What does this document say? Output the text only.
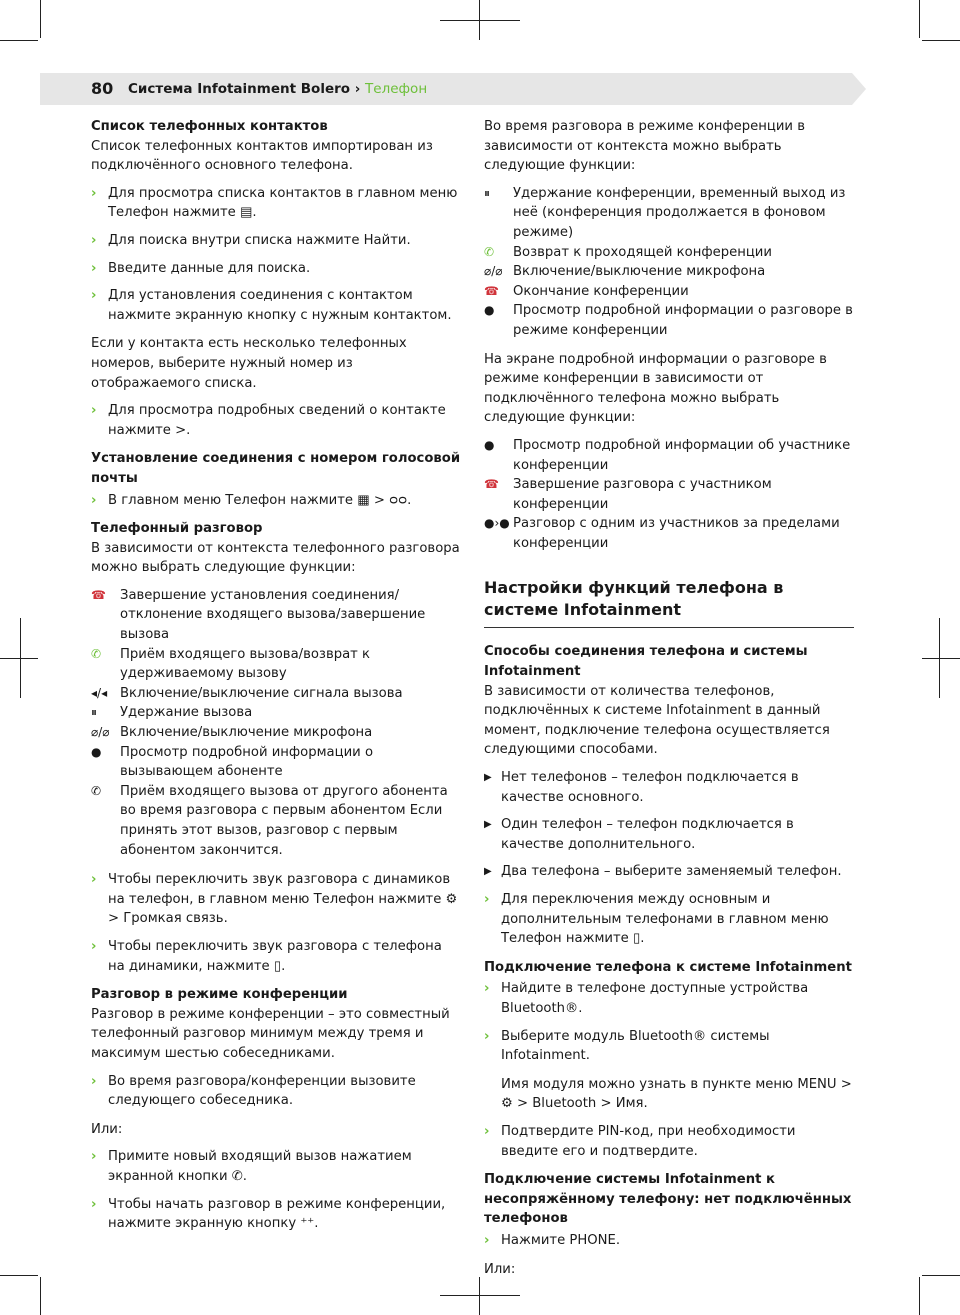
80 Система Infotainment Bolero › Телефон

Список телефонных контактов

Список телефонных контактов импортирован из подключённого основного телефона.

› Для просмотра списка контактов в главном меню Телефон нажмите ▤.
› Для поиска внутри списка нажмите Найти.
› Введите данные для поиска.
› Для установления соединения с контактом нажмите экранную кнопку с нужным контактом.

Если у контакта есть несколько телефонных номеров, выберите нужный номер из отображаемого списка.

› Для просмотра подробных сведений о контакте нажмите >.

Установление соединения с номером голосовой почты

› В главном меню Телефон нажмите ▦ > ᴑᴑ.

Телефонный разговор

В зависимости от контекста телефонного разговора можно выбрать следующие функции:

☎ Завершение установления соединения/отклонение входящего вызова/завершение вызова
✆ Приём входящего вызова/возврат к удерживаемому вызову
◂/◂ Включение/выключение сигнала вызова
⏸ Удержание вызова
⌀/⌀ Включение/выключение микрофона
● Просмотр подробной информации о вызывающем абоненте
✆ Приём входящего вызова от другого абонента во время разговора с первым абонентом Если принять этот вызов, разговор с первым абонентом закончится.
› Чтобы переключить звук разговора с динамиков на телефон, в главном меню Телефон нажмите ⚙ > Громкая связь.
› Чтобы переключить звук разговора с телефона на динамики, нажмите ▯.

Разговор в режиме конференции

Разговор в режиме конференции – это совместный телефонный разговор минимум между тремя и максимум шестью собеседниками.

› Во время разговора/конференции вызовите следующего собеседника.

Или:

› Примите новый входящий вызов нажатием экранной кнопки ✆.
› Чтобы начать разговор в режиме конференции, нажмите экранную кнопку ⁺⁺.

Во время разговора в режиме конференции в зависимости от контекста можно выбрать следующие функции:

⏸ Удержание конференции, временный выход из неё (конференция продолжается в фоновом режиме)
✆ Возврат к проходящей конференции
⌀/⌀ Включение/выключение микрофона
☎ Окончание конференции
● Просмотр подробной информации о разговоре в режиме конференции

На экране подробной информации о разговоре в режиме конференции в зависимости от подключённого телефона можно выбрать следующие функции:

● Просмотр подробной информации об участнике конференции
☎ Завершение разговора с участником конференции
●›● Разговор с одним из участников за пределами конференции

Настройки функций телефона в системе Infotainment

Способы соединения телефона и системы Infotainment

В зависимости от количества телефонов, подключённых к системе Infotainment в данный момент, подключение телефона осуществляется следующими способами.

▶ Нет телефонов – телефон подключается в качестве основного.
▶ Один телефон – телефон подключается в качестве дополнительного.
▶ Два телефона – выберите заменяемый телефон.
› Для переключения между основным и дополнительным телефонами в главном меню Телефон нажмите ▯.

Подключение телефона к системе Infotainment

› Найдите в телефоне доступные устройства Bluetooth®.
› Выберите модуль Bluetooth® системы Infotainment.

Имя модуля можно узнать в пункте меню MENU > ⚙ > Bluetooth > Имя.

› Подтвердите PIN-код, при необходимости введите его и подтвердите.

Подключение системы Infotainment к несопряжённому телефону: нет подключённых телефонов

› Нажмите PHONE.

Или:
